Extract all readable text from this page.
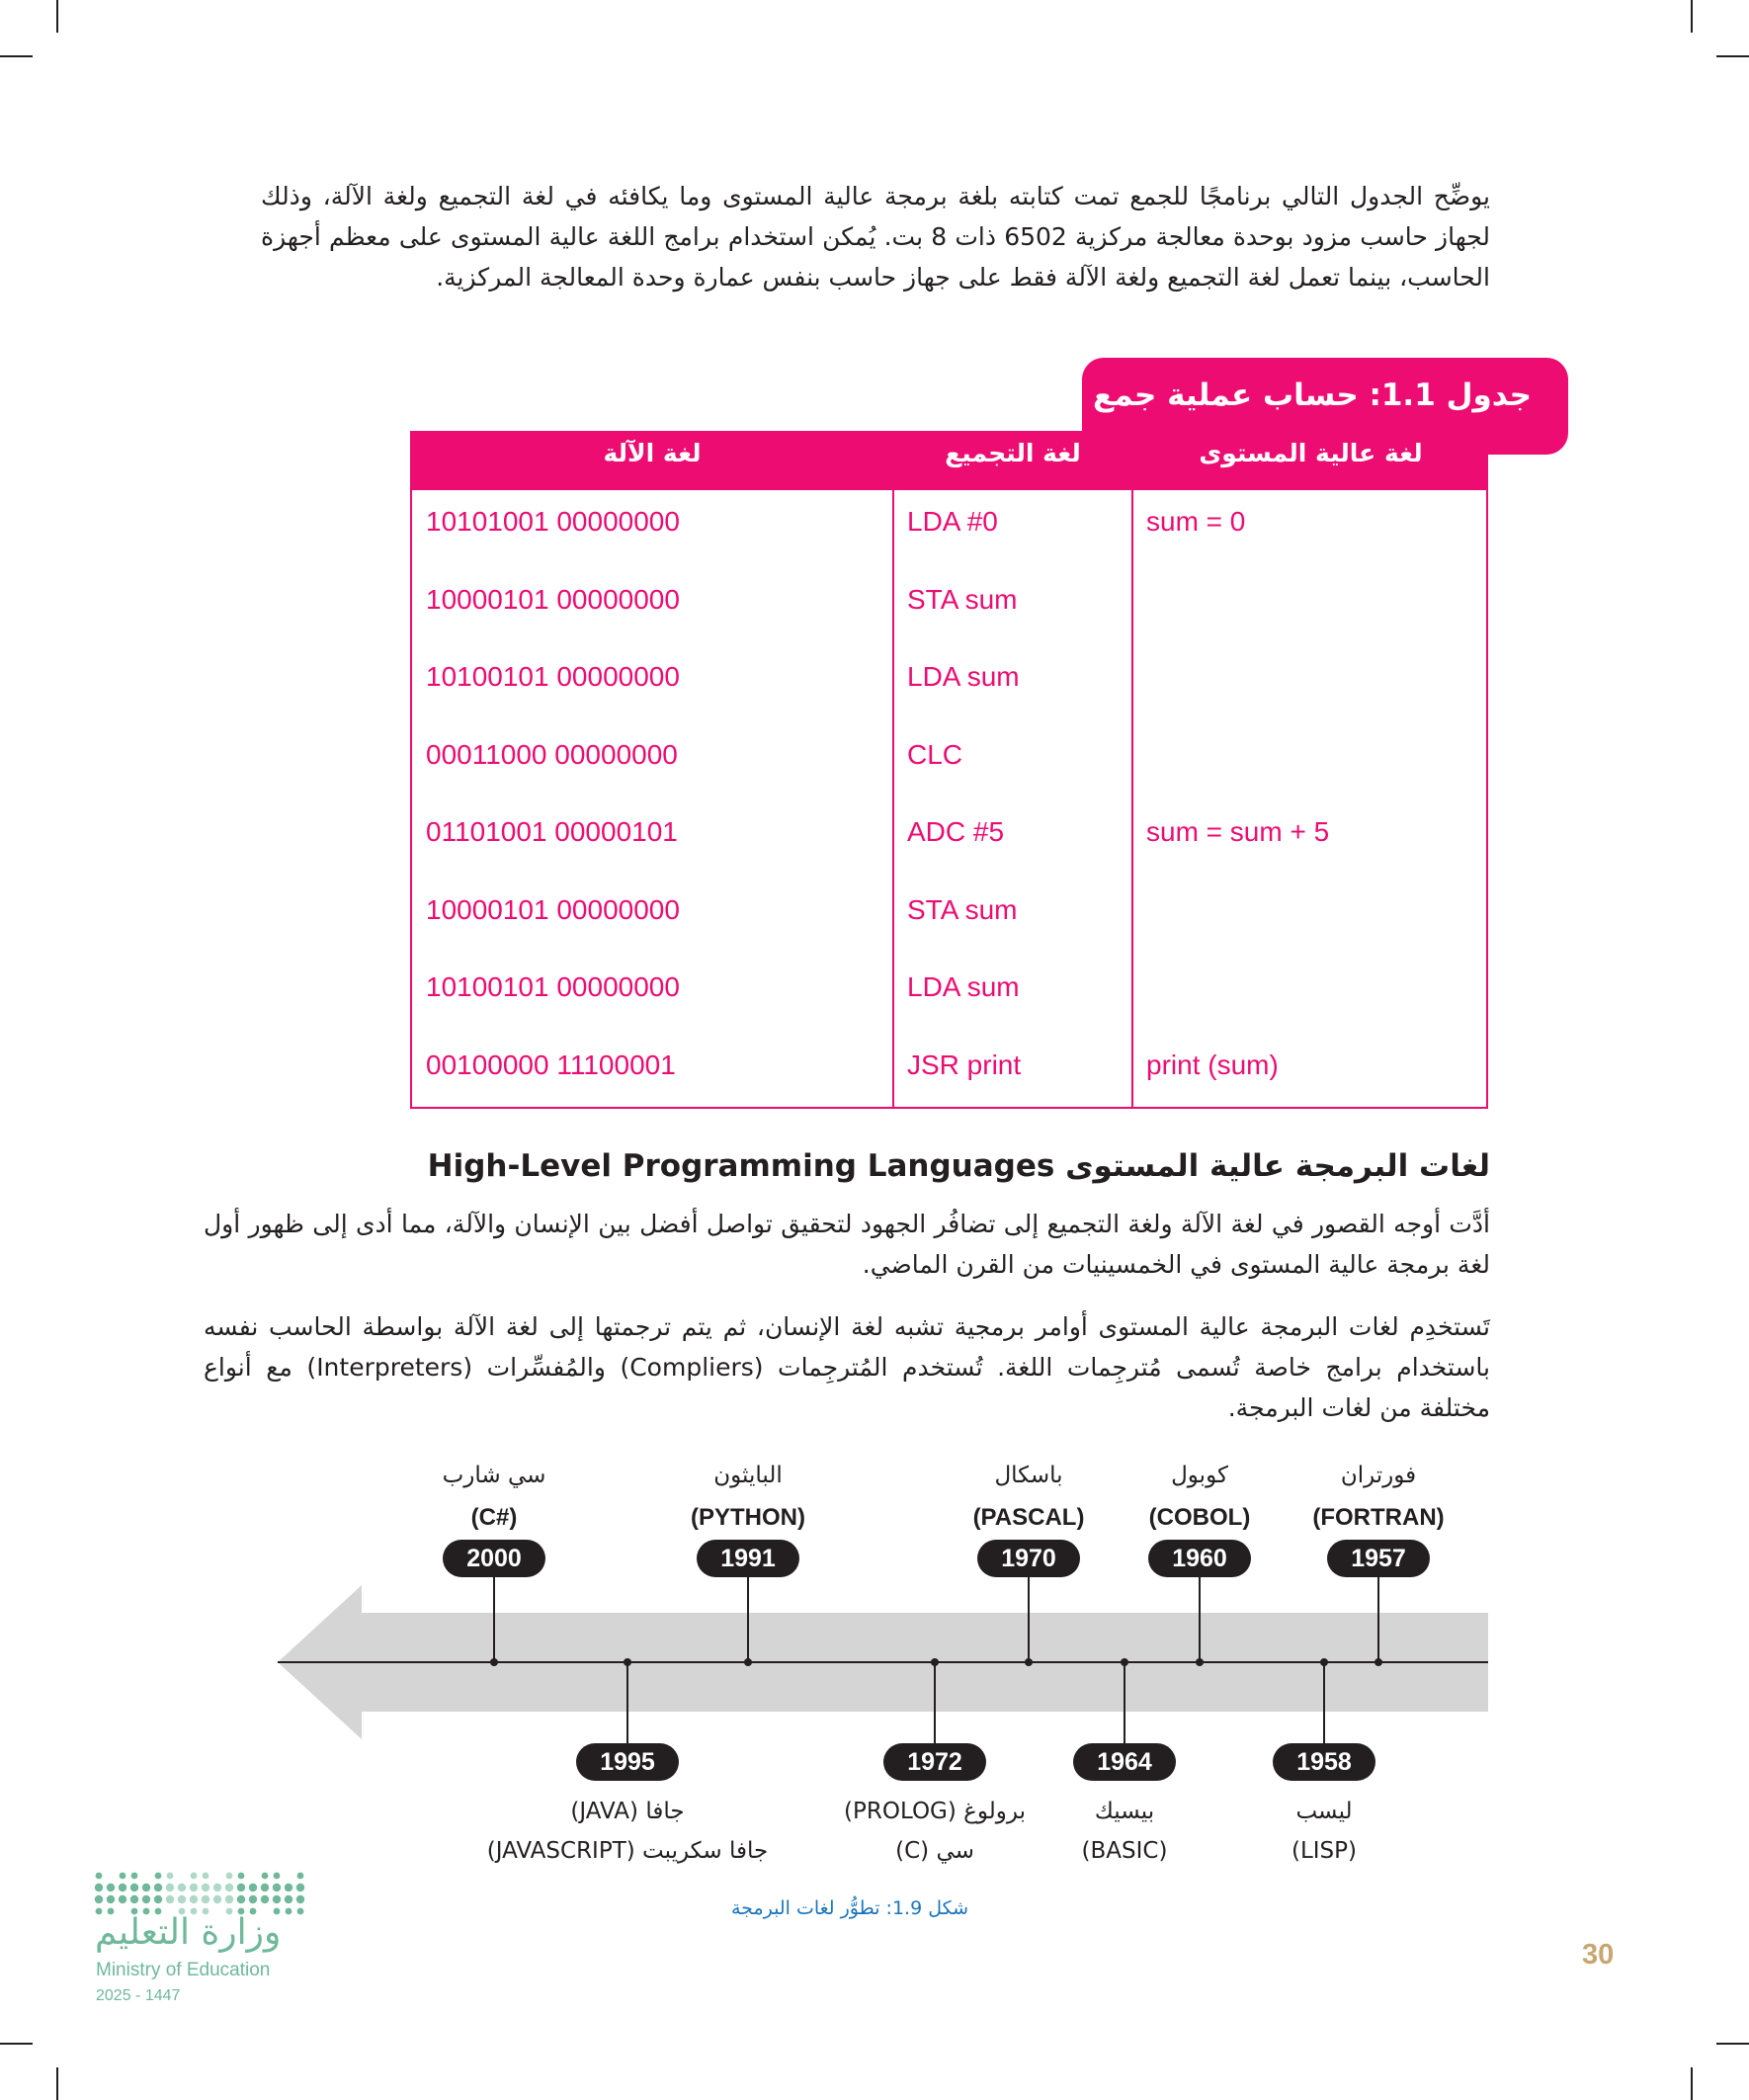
يوضِّح الجدول التالي برنامجًا للجمع تمت كتابته بلغة برمجة عالية المستوى وما يكافئه في لغة التجميع ولغة الآلة، وذلك لجهاز حاسب مزود بوحدة معالجة مركزية 6502 ذات 8 بت. يُمكن استخدام برامج اللغة عالية المستوى على معظم أجهزة الحاسب، بينما تعمل لغة التجميع ولغة الآلة فقط على جهاز حاسب بنفس عمارة وحدة المعالجة المركزية.
جدول 1.1: حساب عملية جمع
لغة الآلة	لغة التجميع	لغة عالية المستوى
10101001 00000000	LDA #0	sum = 0
10000101 00000000	STA sum
10100101 00000000	LDA sum
00011000 00000000	CLC
01101001 00000101	ADC #5	sum = sum + 5
10000101 00000000	STA sum
10100101 00000000	LDA sum
00100000 11100001	JSR print	print (sum)
لغات البرمجة عالية المستوى High-Level Programming Languages
أدَّت أوجه القصور في لغة الآلة ولغة التجميع إلى تضافُر الجهود لتحقيق تواصل أفضل بين الإنسان والآلة، مما أدى إلى ظهور أول لغة برمجة عالية المستوى في الخمسينيات من القرن الماضي.
تَستخدِم لغات البرمجة عالية المستوى أوامر برمجية تشبه لغة الإنسان، ثم يتم ترجمتها إلى لغة الآلة بواسطة الحاسب نفسه باستخدام برامج خاصة تُسمى مُترجِمات اللغة. تُستخدم المُترجِمات (Compliers) والمُفسِّرات (Interpreters) مع أنواع مختلفة من لغات البرمجة.
فورتران
(FORTRAN)
1957
كوبول
(COBOL)
1960
باسكال
(PASCAL)
1970
البايثون
(PYTHON)
1991
سي شارب
(C#)
2000
1958
ليسب
(LISP)
1964
بيسيك
(BASIC)
1972
برولوغ (PROLOG)
سي (C)
1995
جافا (JAVA)
جافا سكريبت (JAVASCRIPT)
شكل 1.9: تطوُّر لغات البرمجة
وزارة التعليم
Ministry of Education
2025 - 1447
30
